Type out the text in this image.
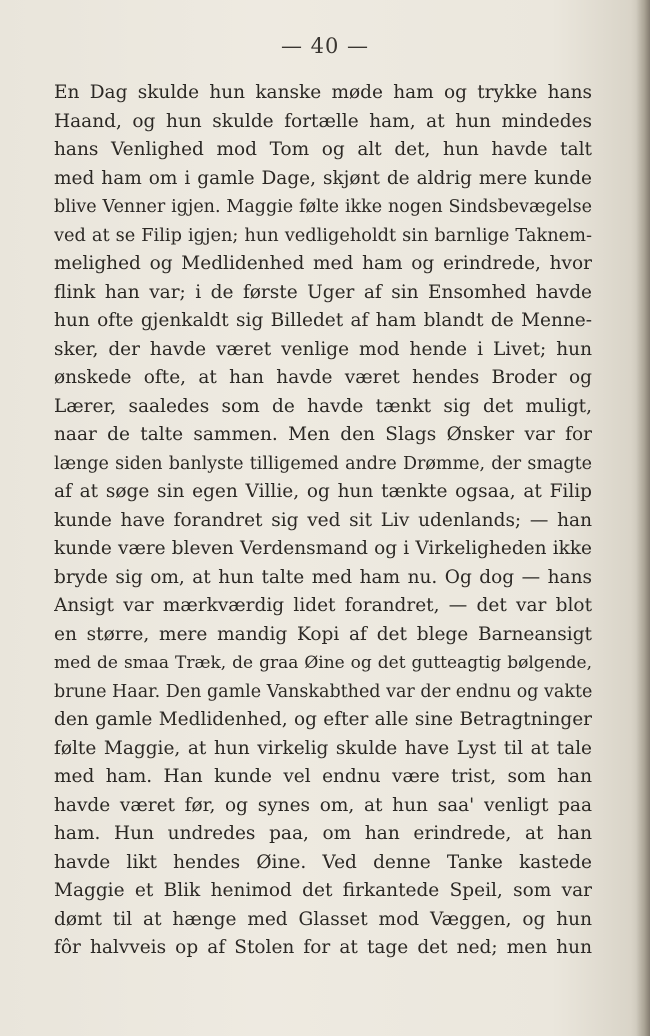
— 40 —
En Dag skulde hun kanske møde ham og trykke hans
Haand, og hun skulde fortælle ham, at hun mindedes
hans Venlighed mod Tom og alt det, hun havde talt
med ham om i gamle Dage, skjønt de aldrig mere kunde
blive Venner igjen. Maggie følte ikke nogen Sindsbevægelse
ved at se Filip igjen; hun vedligeholdt sin barnlige Taknem-
melighed og Medlidenhed med ham og erindrede, hvor
flink han var; i de første Uger af sin Ensomhed havde
hun ofte gjenkaldt sig Billedet af ham blandt de Menne-
sker, der havde været venlige mod hende i Livet; hun
ønskede ofte, at han havde været hendes Broder og
Lærer, saaledes som de havde tænkt sig det muligt,
naar de talte sammen. Men den Slags Ønsker var for
længe siden banlyste tilligemed andre Drømme, der smagte
af at søge sin egen Villie, og hun tænkte ogsaa, at Filip
kunde have forandret sig ved sit Liv udenlands; — han
kunde være bleven Verdensmand og i Virkeligheden ikke
bryde sig om, at hun talte med ham nu. Og dog — hans
Ansigt var mærkværdig lidet forandret, — det var blot
en større, mere mandig Kopi af det blege Barneansigt
med de smaa Træk, de graa Øine og det gutteagtig bølgende,
brune Haar. Den gamle Vanskabthed var der endnu og vakte
den gamle Medlidenhed, og efter alle sine Betragtninger
følte Maggie, at hun virkelig skulde have Lyst til at tale
med ham. Han kunde vel endnu være trist, som han
havde været før, og synes om, at hun saa' venligt paa
ham. Hun undredes paa, om han erindrede, at han
havde likt hendes Øine. Ved denne Tanke kastede
Maggie et Blik henimod det firkantede Speil, som var
dømt til at hænge med Glasset mod Væggen, og hun
fôr halvveis op af Stolen for at tage det ned; men hun
